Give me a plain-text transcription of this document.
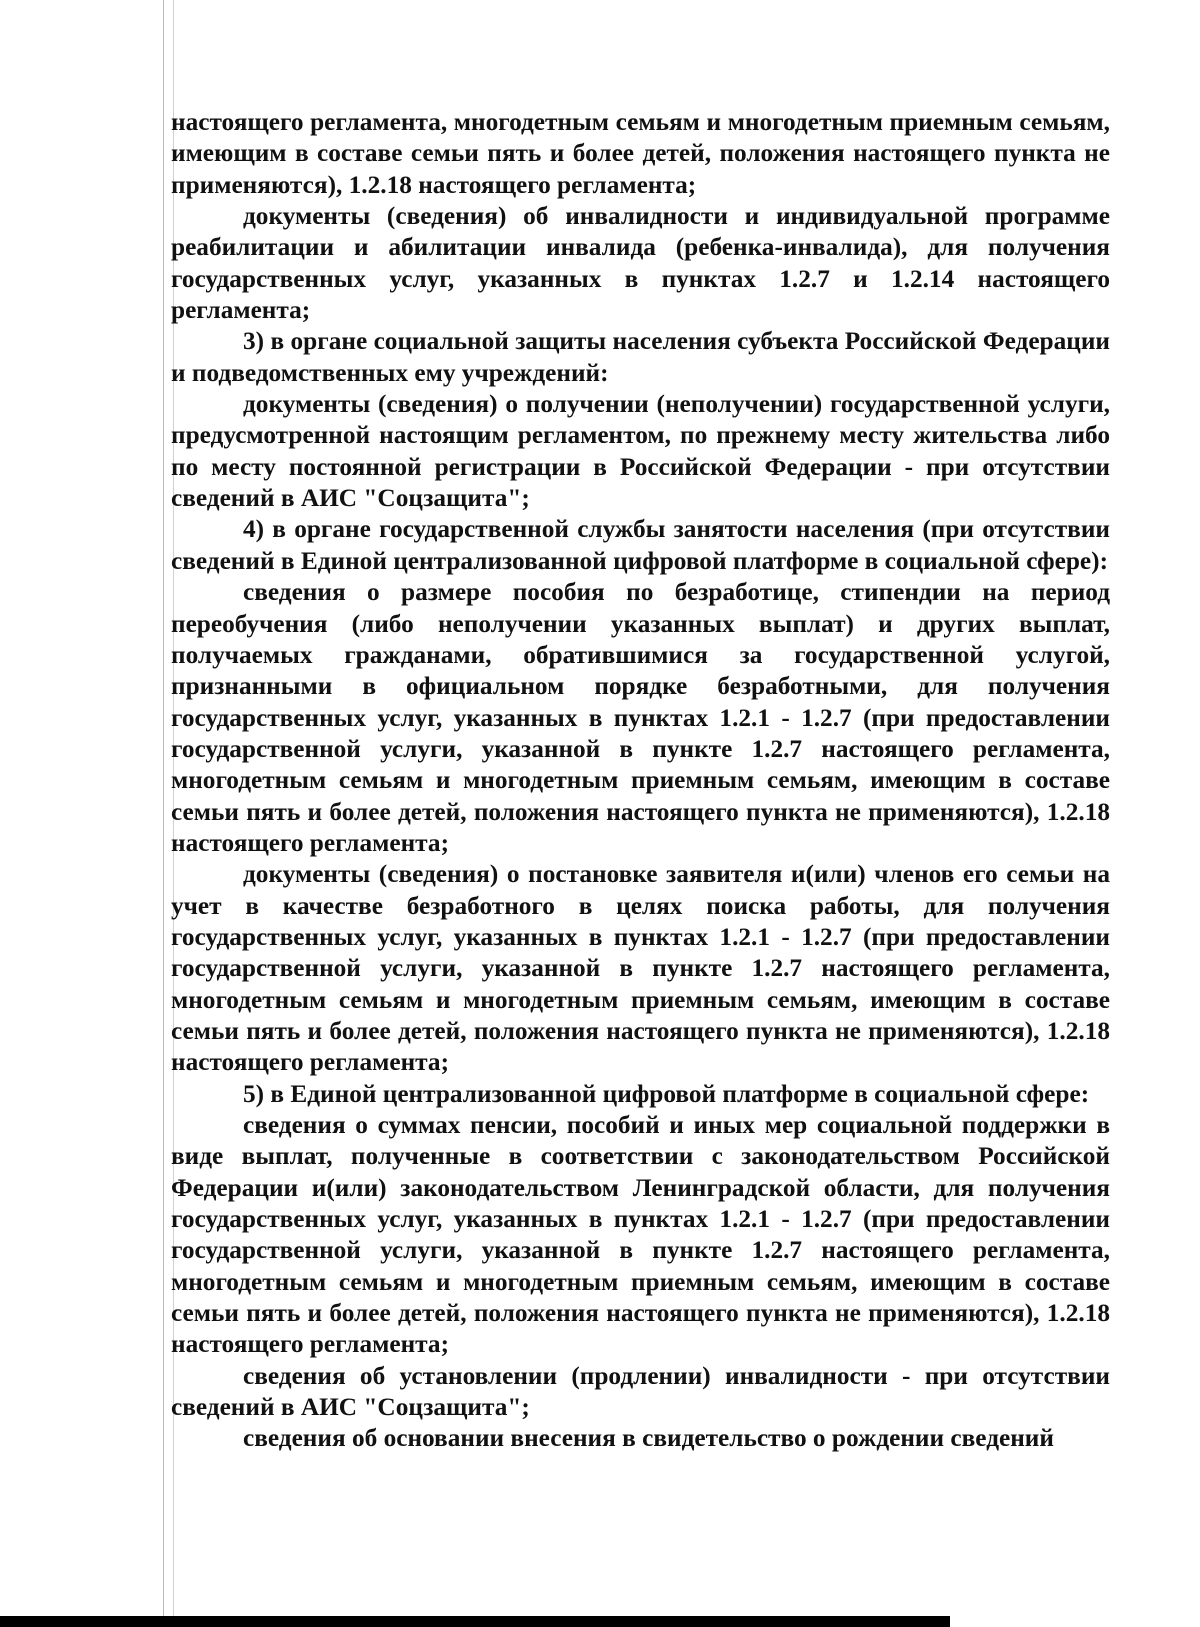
настоящего регламента, многодетным семьям и многодетным приемным семьям, имеющим в составе семьи пять и более детей, положения настоящего пункта не применяются), 1.2.18 настоящего регламента;

документы (сведения) об инвалидности и индивидуальной программе реабилитации и абилитации инвалида (ребенка-инвалида), для получения государственных услуг, указанных в пунктах 1.2.7 и 1.2.14 настоящего регламента;

3) в органе социальной защиты населения субъекта Российской Федерации и подведомственных ему учреждений:

документы (сведения) о получении (неполучении) государственной услуги, предусмотренной настоящим регламентом, по прежнему месту жительства либо по месту постоянной регистрации в Российской Федерации - при отсутствии сведений в АИС "Соцзащита";

4) в органе государственной службы занятости населения (при отсутствии сведений в Единой централизованной цифровой платформе в социальной сфере):

сведения о размере пособия по безработице, стипендии на период переобучения (либо неполучении указанных выплат) и других выплат, получаемых гражданами, обратившимися за государственной услугой, признанными в официальном порядке безработными, для получения государственных услуг, указанных в пунктах 1.2.1 - 1.2.7 (при предоставлении государственной услуги, указанной в пункте 1.2.7 настоящего регламента, многодетным семьям и многодетным приемным семьям, имеющим в составе семьи пять и более детей, положения настоящего пункта не применяются), 1.2.18 настоящего регламента;

документы (сведения) о постановке заявителя и(или) членов его семьи на учет в качестве безработного в целях поиска работы, для получения государственных услуг, указанных в пунктах 1.2.1 - 1.2.7 (при предоставлении государственной услуги, указанной в пункте 1.2.7 настоящего регламента, многодетным семьям и многодетным приемным семьям, имеющим в составе семьи пять и более детей, положения настоящего пункта не применяются), 1.2.18 настоящего регламента;

5) в Единой централизованной цифровой платформе в социальной сфере:

сведения о суммах пенсии, пособий и иных мер социальной поддержки в виде выплат, полученные в соответствии с законодательством Российской Федерации и(или) законодательством Ленинградской области, для получения государственных услуг, указанных в пунктах 1.2.1 - 1.2.7 (при предоставлении государственной услуги, указанной в пункте 1.2.7 настоящего регламента, многодетным семьям и многодетным приемным семьям, имеющим в составе семьи пять и более детей, положения настоящего пункта не применяются), 1.2.18 настоящего регламента;

сведения об установлении (продлении) инвалидности - при отсутствии сведений в АИС "Соцзащита";

сведения об основании внесения в свидетельство о рождении сведений
